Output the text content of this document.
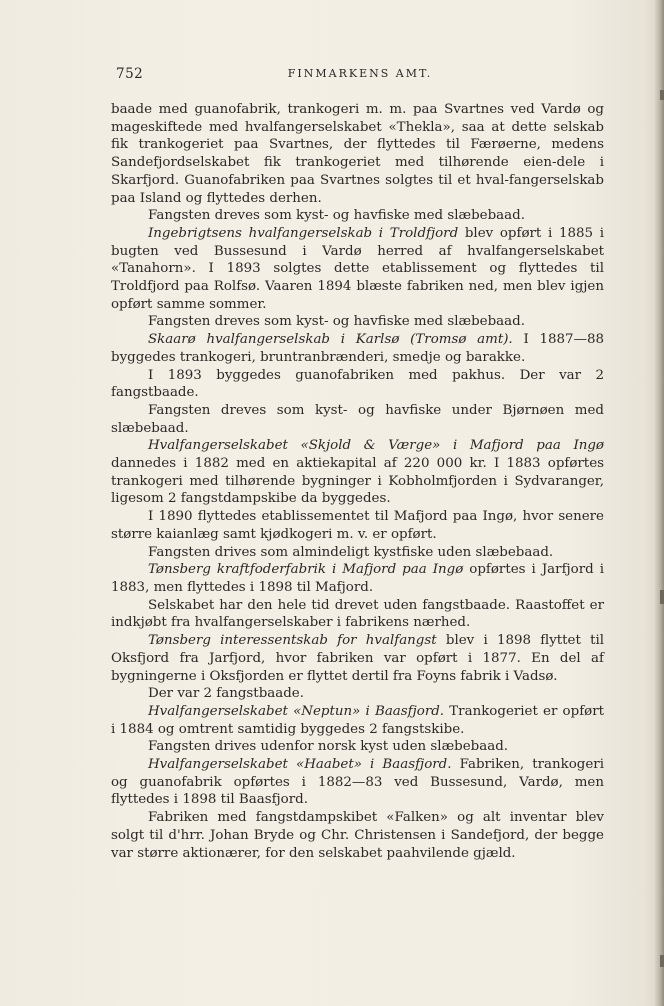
752	FINMARKENS AMT.

baade med guanofabrik, trankogeri m. m. paa Svartnes ved Vardø og mageskiftede med hvalfangerselskabet «Thekla», saa at dette selskab fik trankogeriet paa Svartnes, der flyttedes til Færøerne, medens Sandefjordselskabet fik trankogeriet med tilhørende eien-dele i Skarfjord. Guanofabriken paa Svartnes solgtes til et hval-fangerselskab paa Island og flyttedes derhen.

Fangsten dreves som kyst- og havfiske med slæbebaad.

Ingebrigtsens hvalfangerselskab i Troldfjord blev opført i 1885 i bugten ved Bussesund i Vardø herred af hvalfangerselskabet «Tanahorn». I 1893 solgtes dette etablissement og flyttedes til Troldfjord paa Rolfsø. Vaaren 1894 blæste fabriken ned, men blev igjen opført samme sommer.

Fangsten dreves som kyst- og havfiske med slæbebaad.

Skaarø hvalfangerselskab i Karlsø (Tromsø amt). I 1887—88 byggedes trankogeri, bruntranbrænderi, smedje og barakke.

I 1893 byggedes guanofabriken med pakhus. Der var 2 fangstbaade.

Fangsten dreves som kyst- og havfiske under Bjørnøen med slæbebaad.

Hvalfangerselskabet «Skjold & Værge» i Mafjord paa Ingø dannedes i 1882 med en aktiekapital af 220 000 kr. I 1883 opførtes trankogeri med tilhørende bygninger i Kobholmfjorden i Sydvaranger, ligesom 2 fangstdampskibe da byggedes.

I 1890 flyttedes etablissementet til Mafjord paa Ingø, hvor senere større kaianlæg samt kjødkogeri m. v. er opført.

Fangsten drives som almindeligt kystfiske uden slæbebaad.

Tønsberg kraftfoderfabrik i Mafjord paa Ingø opførtes i Jarfjord i 1883, men flyttedes i 1898 til Mafjord.

Selskabet har den hele tid drevet uden fangstbaade. Raastoffet er indkjøbt fra hvalfangerselskaber i fabrikens nærhed.

Tønsberg interessentskab for hvalfangst blev i 1898 flyttet til Oksfjord fra Jarfjord, hvor fabriken var opført i 1877. En del af bygningerne i Oksfjorden er flyttet dertil fra Foyns fabrik i Vadsø.

Der var 2 fangstbaade.

Hvalfangerselskabet «Neptun» i Baasfjord. Trankogeriet er opført i 1884 og omtrent samtidig byggedes 2 fangstskibe.

Fangsten drives udenfor norsk kyst uden slæbebaad.

Hvalfangerselskabet «Haabet» i Baasfjord. Fabriken, trankogeri og guanofabrik opførtes i 1882—83 ved Bussesund, Vardø, men flyttedes i 1898 til Baasfjord.

Fabriken med fangstdampskibet «Falken» og alt inventar blev solgt til d'hrr. Johan Bryde og Chr. Christensen i Sandefjord, der begge var større aktionærer, for den selskabet paahvilende gjæld.
